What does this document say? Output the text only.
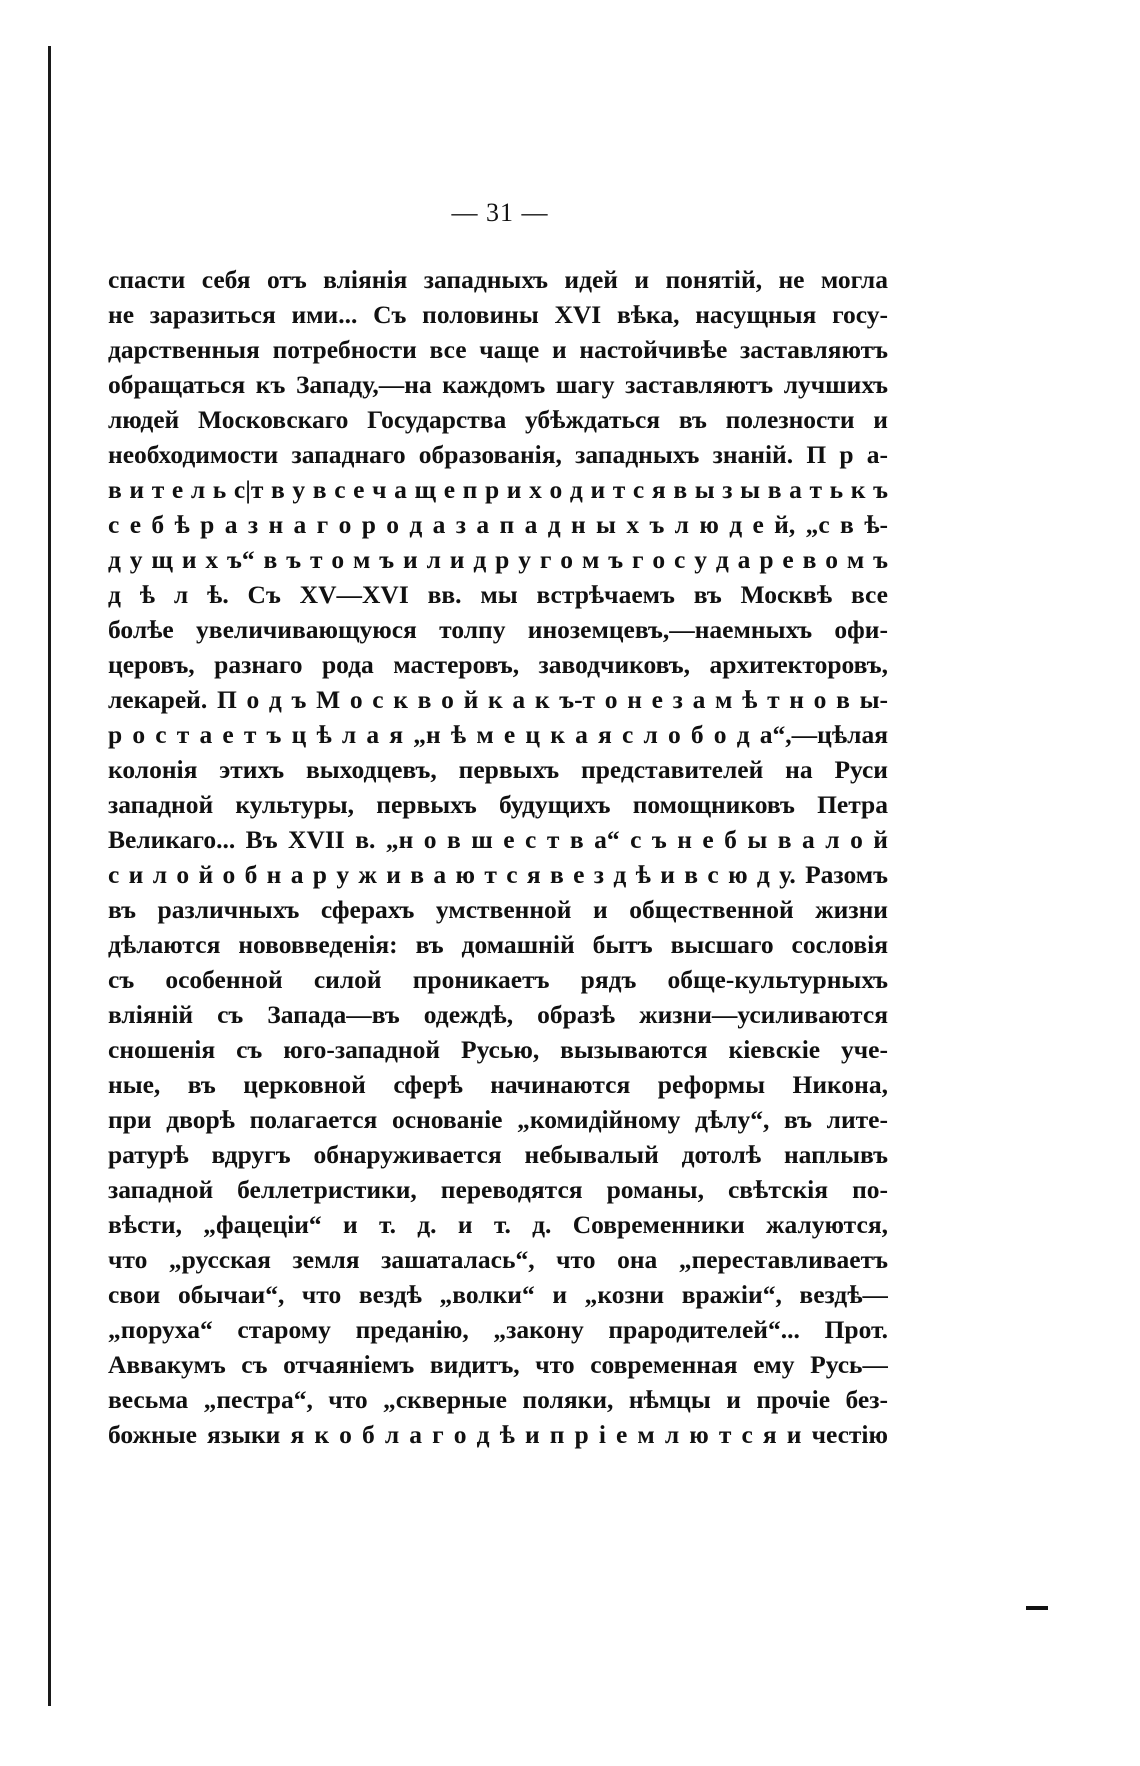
— 31 —
спасти себя отъ вліянія западныхъ идей и понятій, не могла
не заразиться ими... Съ половины XVI вѣка, насущныя госу-
дарственныя потребности все чаще и настойчивѣе заставляютъ
обращаться къ Западу,—на каждомъ шагу заставляютъ лучшихъ
людей Московскаго Государства убѣждаться въ полезности и
необходимости западнаго образованія, западныхъ знаній. П р а-
в и т е л ь с|т в у в с е ч а щ е п р и х о д и т с я в ы з ы в а т ь к ъ
с е б ѣ р а з н а г о р о д а з а п а д н ы х ъ л ю д е й, „с в ѣ-
д у щ и х ъ“ в ъ т о м ъ и л и д р у г о м ъ г о с у д а р е в о м ъ
д ѣ л ѣ. Съ XV—XVI вв. мы встрѣчаемъ въ Москвѣ все
болѣе увеличивающуюся толпу иноземцевъ,—наемныхъ офи-
церовъ, разнаго рода мастеровъ, заводчиковъ, архитекторовъ,
лекарей. П о д ъ М о с к в о й к а к ъ-т о н е з а м ѣ т н о в ы-
р о с т а е т ъ ц ѣ л а я „н ѣ м е ц к а я с л о б о д а“,—цѣлая
колонія этихъ выходцевъ, первыхъ представителей на Руси
западной культуры, первыхъ будущихъ помощниковъ Петра
Великаго... Въ XVII в. „н о в ш е с т в а“ с ъ н е б ы в а л о й
с и л о й о б н а р у ж и в а ю т с я в е з д ѣ и в с ю д у. Разомъ
въ различныхъ сферахъ умственной и общественной жизни
дѣлаются нововведенія: въ домашній бытъ высшаго сословія
съ особенной силой проникаетъ рядъ обще-культурныхъ
вліяній съ Запада—въ одеждѣ, образѣ жизни—усиливаются
сношенія съ юго-западной Русью, вызываются кіевскіе уче-
ные, въ церковной сферѣ начинаются реформы Никона,
при дворѣ полагается основаніе „комидійному дѣлу“, въ лите-
ратурѣ вдругъ обнаруживается небывалый дотолѣ наплывъ
западной беллетристики, переводятся романы, свѣтскія по-
вѣсти, „фацеціи“ и т. д. и т. д. Современники жалуются,
что „русская земля зашаталась“, что она „переставливаетъ
свои обычаи“, что вездѣ „волки“ и „козни вражіи“, вездѣ—
„поруха“ старому преданію, „закону прародителей“... Прот.
Аввакумъ съ отчаяніемъ видитъ, что современная ему Русь—
весьма „пестра“, что „скверные поляки, нѣмцы и прочіе без-
божные языки я к о б л а г о д ѣ и п р і е м л ю т с я и честію
